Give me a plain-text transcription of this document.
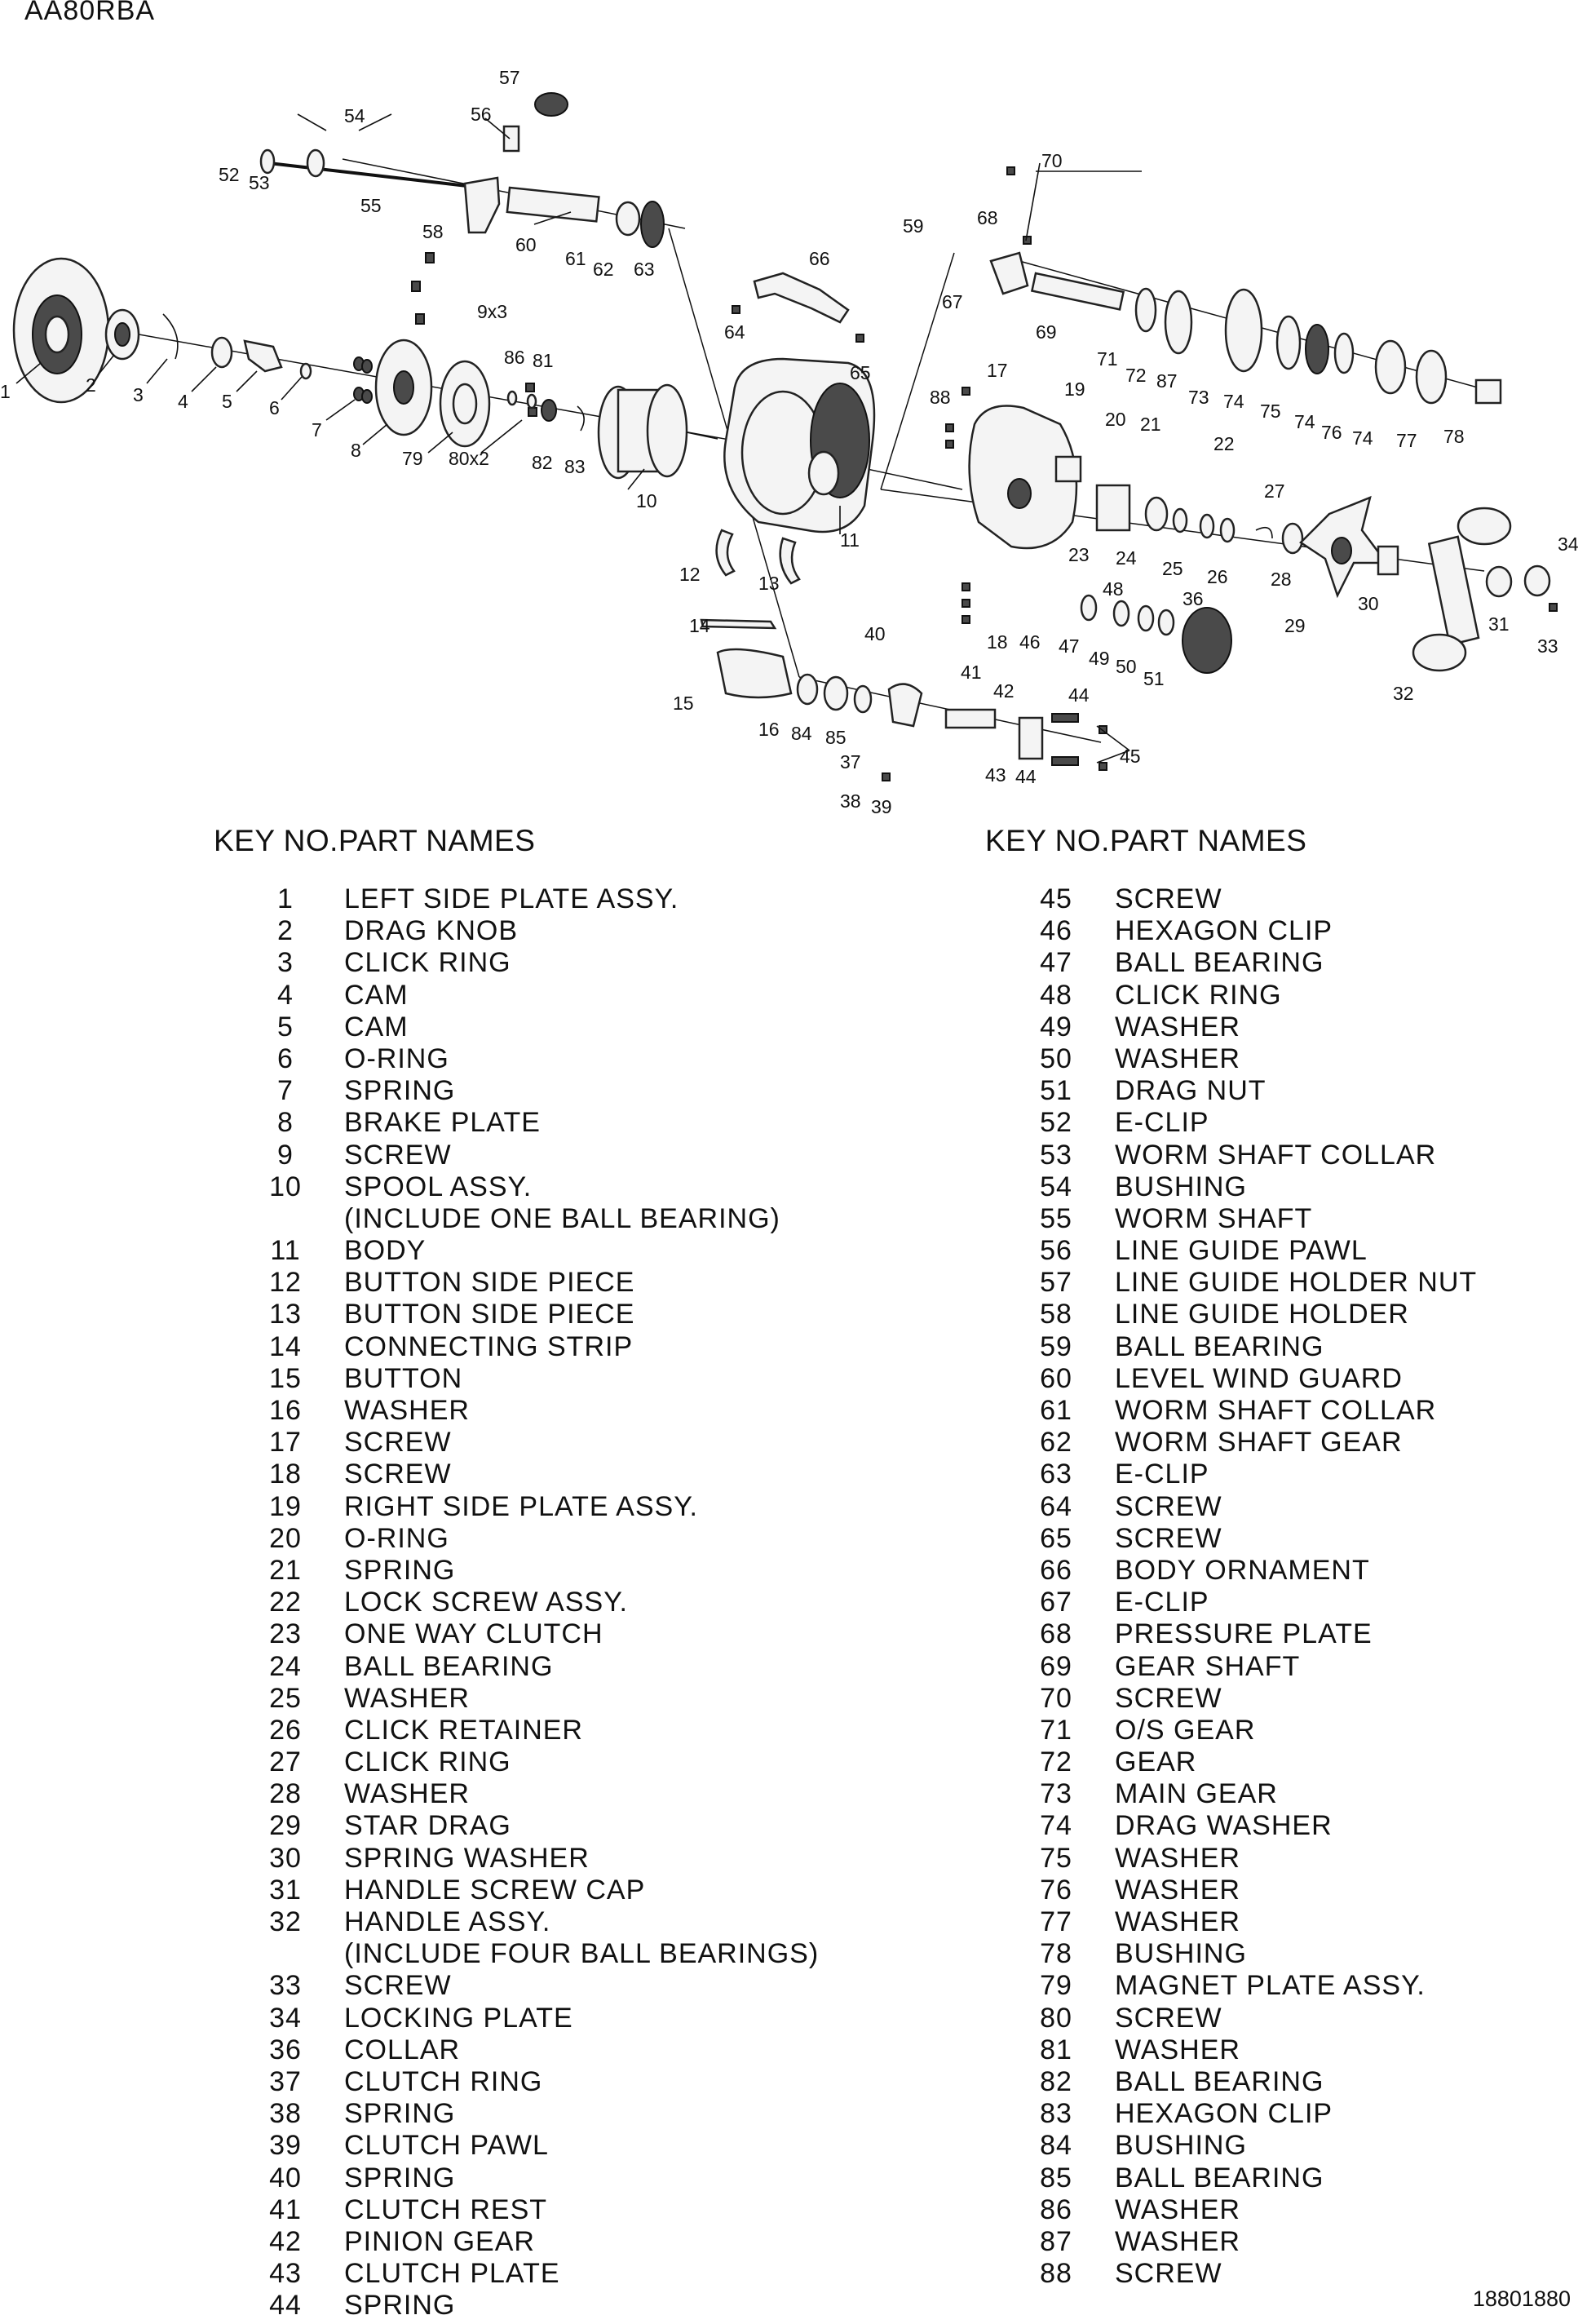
AA80RBA
1	2 3 4 5 6
7
8
9x3
10
11
12	13
14
15
16
17
18
19
20 21
22
23 24 25 26
27
28
29
30
31
32
33
34
36
37
38 39
40
41
42
43
44
44
45
46 47
48
49 50
51
52 53
54
55
56
57
58	59
60
61 62 63
64
65
66
67
68
69
70
71
72
73 74
74
74
75
76	77 78
79 80x2
81
82 83
84 85
86
87
88
KEY NO.PART NAMES	KEY NO.PART NAMES
1	LEFT SIDE PLATE ASSY.
2	DRAG KNOB
3	CLICK RING
4	CAM
5	CAM
6	O-RING
7	SPRING
8	BRAKE PLATE
9	SCREW
10	SPOOL ASSY.
(INCLUDE ONE BALL BEARING)
11	BODY
12	BUTTON SIDE PIECE
13	BUTTON SIDE PIECE
14	CONNECTING STRIP
15	BUTTON
16	WASHER
17	SCREW
18	SCREW
19	RIGHT SIDE PLATE ASSY.
20	O-RING
21	SPRING
22	LOCK SCREW ASSY.
23	ONE WAY CLUTCH
24	BALL BEARING
25	WASHER
26	CLICK RETAINER
27	CLICK RING
28	WASHER
29	STAR DRAG
30	SPRING WASHER
31	HANDLE SCREW CAP
32	HANDLE ASSY.
(INCLUDE FOUR BALL BEARINGS)
33	SCREW
34	LOCKING PLATE
36	COLLAR
37	CLUTCH RING
38	SPRING
39	CLUTCH PAWL
40	SPRING
41	CLUTCH REST
42	PINION GEAR
43	CLUTCH PLATE
44	SPRING
45	SCREW
46	HEXAGON CLIP
47	BALL BEARING
48	CLICK RING
49	WASHER
50	WASHER
51	DRAG NUT
52	E-CLIP
53	WORM SHAFT COLLAR
54	BUSHING
55	WORM SHAFT
56	LINE GUIDE PAWL
57	LINE GUIDE HOLDER NUT
58	LINE GUIDE HOLDER
59	BALL BEARING
60	LEVEL WIND GUARD
61	WORM SHAFT COLLAR
62	WORM SHAFT GEAR
63	E-CLIP
64	SCREW
65	SCREW
66	BODY ORNAMENT
67	E-CLIP
68	PRESSURE PLATE
69	GEAR SHAFT
70	SCREW
71	O/S GEAR
72	GEAR
73	MAIN GEAR
74	DRAG WASHER
75	WASHER
76	WASHER
77	WASHER
78	BUSHING
79	MAGNET PLATE ASSY.
80	SCREW
81	WASHER
82	BALL BEARING
83	HEXAGON CLIP
84	BUSHING
85	BALL BEARING
86	WASHER
87	WASHER
88	SCREW
18801880
